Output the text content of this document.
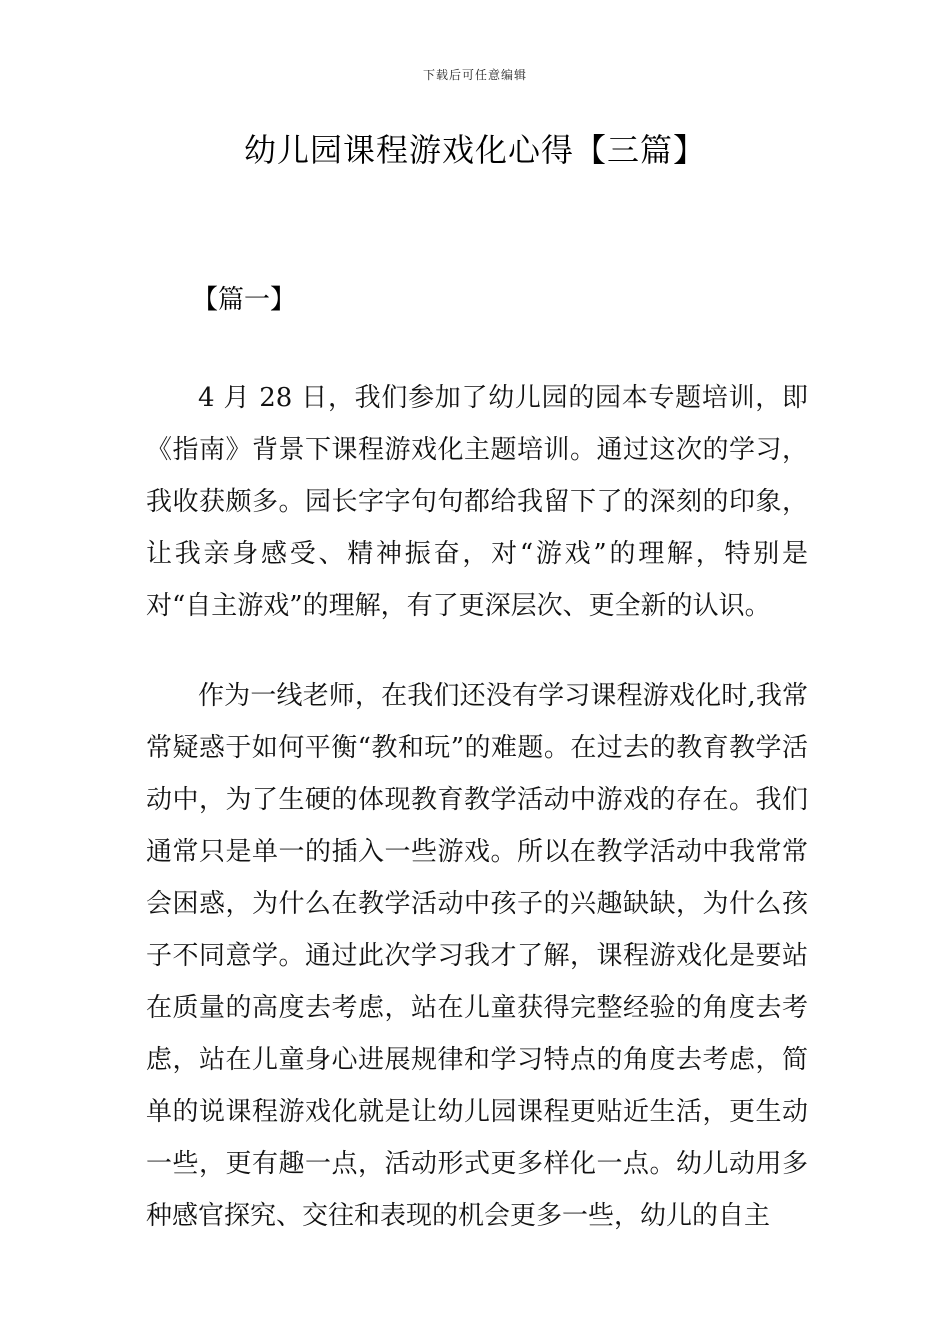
下载后可任意编辑
幼儿园课程游戏化心得【三篇】
【篇一】

4 月 28 日，我们参加了幼儿园的园本专题培训，即《指南》背景下课程游戏化主题培训。通过这次的学习，我收获颇多。园长字字句句都给我留下了的深刻的印象，让我亲身感受、精神振奋，对“游戏”的理解，特别是对“自主游戏”的理解，有了更深层次、更全新的认识。

作为一线老师，在我们还没有学习课程游戏化时,我常常疑惑于如何平衡“教和玩”的难题。在过去的教育教学活动中，为了生硬的体现教育教学活动中游戏的存在。我们通常只是单一的插入一些游戏。所以在教学活动中我常常会困惑，为什么在教学活动中孩子的兴趣缺缺，为什么孩子不同意学。通过此次学习我才了解，课程游戏化是要站在质量的高度去考虑，站在儿童获得完整经验的角度去考虑，站在儿童身心进展规律和学习特点的角度去考虑，简单的说课程游戏化就是让幼儿园课程更贴近生活，更生动一些，更有趣一点，活动形式更多样化一点。幼儿动用多种感官探究、交往和表现的机会更多一些，幼儿的自主
